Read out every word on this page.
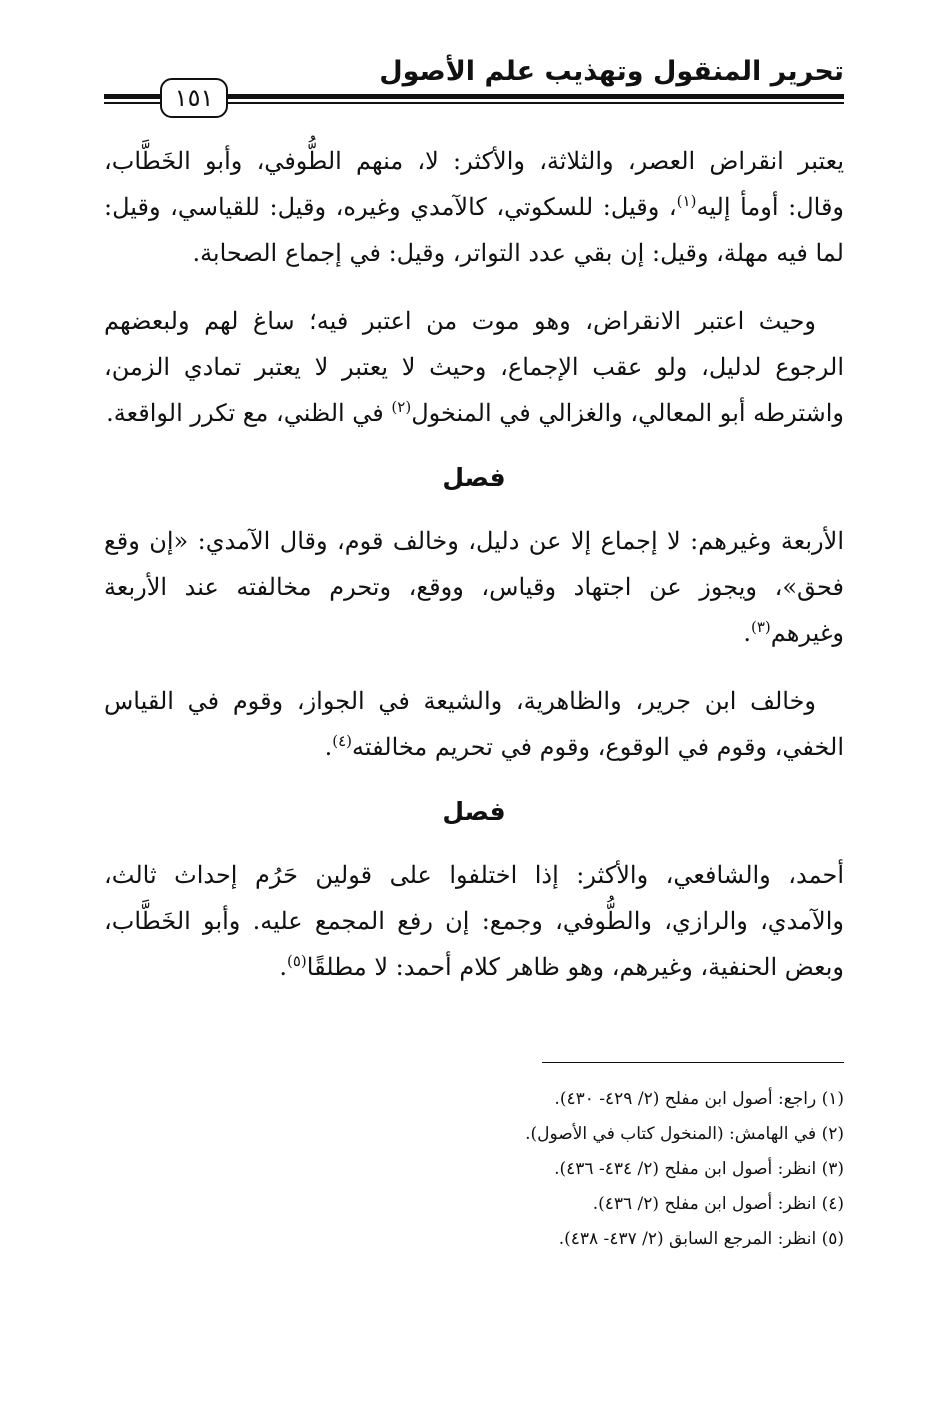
تحرير المنقول وتهذيب علم الأصول
١٥١

يعتبر انقراض العصر، والثلاثة، والأكثر: لا، منهم الطُّوفي، وأبو الخَطَّاب، وقال: أومأ إليه$^{(١)}$، وقيل: للسكوتي، كالآمدي وغيره، وقيل: للقياسي، وقيل: لما فيه مهلة، وقيل: إن بقي عدد التواتر، وقيل: في إجماع الصحابة.

وحيث اعتبر الانقراض، وهو موت من اعتبر فيه؛ ساغ لهم ولبعضهم الرجوع لدليل، ولو عقب الإجماع، وحيث لا يعتبر لا يعتبر تمادي الزمن، واشترطه أبو المعالي، والغزالي في المنخول$^{(٢)}$ في الظني، مع تكرر الواقعة.

فصل

الأربعة وغيرهم: لا إجماع إلا عن دليل، وخالف قوم، وقال الآمدي: «إن وقع فحق»، ويجوز عن اجتهاد وقياس، ووقع، وتحرم مخالفته عند الأربعة وغيرهم$^{(٣)}$.

وخالف ابن جرير، والظاهرية، والشيعة في الجواز، وقوم في القياس الخفي، وقوم في الوقوع، وقوم في تحريم مخالفته$^{(٤)}$.

فصل

أحمد، والشافعي، والأكثر: إذا اختلفوا على قولين حَرُم إحداث ثالث، والآمدي، والرازي، والطُّوفي، وجمع: إن رفع المجمع عليه. وأبو الخَطَّاب، وبعض الحنفية، وغيرهم، وهو ظاهر كلام أحمد: لا مطلقًا$^{(٥)}$.

(١) راجع: أصول ابن مفلح (٢/ ٤٢٩- ٤٣٠).
(٢) في الهامش: (المنخول كتاب في الأصول).
(٣) انظر: أصول ابن مفلح (٢/ ٤٣٤- ٤٣٦).
(٤) انظر: أصول ابن مفلح (٢/ ٤٣٦).
(٥) انظر: المرجع السابق (٢/ ٤٣٧- ٤٣٨).
